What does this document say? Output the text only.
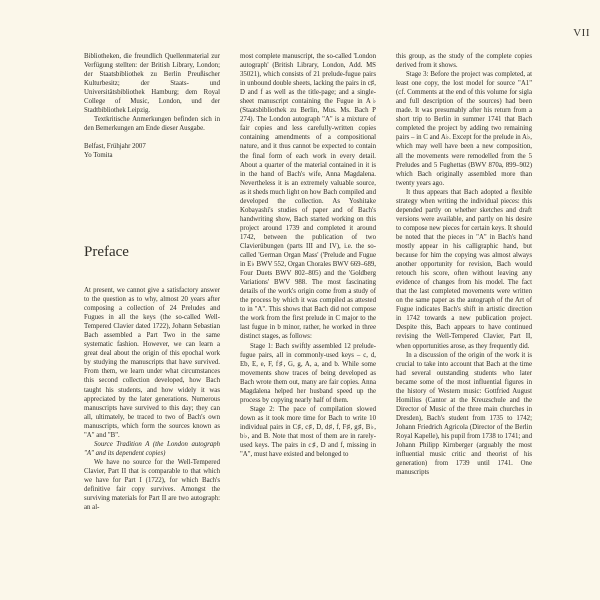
VII

Bibliotheken, die freundlich Quellenmaterial zur Verfügung stellten: der British Library, London; der Staatsbibliothek zu Berlin Preußischer Kulturbesitz; der Staats- und Universitätsbibliothek Hamburg; dem Royal College of Music, London, und der Stadtbibliothek Leipzig.

Textkritische Anmerkungen befinden sich in den Bemerkungen am Ende dieser Ausgabe.

Belfast, Frühjahr 2007

Yo Tomita

Preface

At present, we cannot give a satisfactory answer to the question as to why, almost 20 years after composing a collection of 24 Preludes and Fugues in all the keys (the so-called Well-Tempered Clavier dated 1722), Johann Sebastian Bach assembled a Part Two in the same systematic fashion. However, we can learn a great deal about the origin of this epochal work by studying the manuscripts that have survived. From them, we learn under what circumstances this second collection developed, how Bach taught his students, and how widely it was appreciated by the later generations. Numerous manuscripts have survived to this day; they can all, ultimately, be traced to two of Bach's own manuscripts, which form the sources known as "A" and "B".

Source Tradition A (the London autograph "A" and its dependent copies)

We have no source for the Well-Tempered Clavier, Part II that is comparable to that which we have for Part I (1722), for which Bach's definitive fair copy survives. Amongst the surviving materials for Part II are two autograph: an al-

most complete manuscript, the so-called 'London autograph' (British Library, London, Add. MS 35021), which consists of 21 prelude-fugue pairs in unbound double sheets, lacking the pairs in c♯, D and f as well as the title-page; and a single-sheet manuscript containing the Fugue in A♭ (Staatsbibliothek zu Berlin, Mus. Ms. Bach P 274). The London autograph "A" is a mixture of fair copies and less carefully-written copies containing amendments of a compositional nature, and it thus cannot be expected to contain the final form of each work in every detail. About a quarter of the material contained in it is in the hand of Bach's wife, Anna Magdalena. Nevertheless it is an extremely valuable source, as it sheds much light on how Bach compiled and developed the collection. As Yoshitake Kobayashi's studies of paper and of Bach's handwriting show, Bach started working on this project around 1739 and completed it around 1742, between the publication of two Clavierübungen (parts III and IV), i.e. the so-called 'German Organ Mass' ('Prelude and Fugue in E♭ BWV 552, Organ Chorales BWV 669–689, Four Duets BWV 802–805) and the 'Goldberg Variations' BWV 988. The most fascinating details of the work's origin come from a study of the process by which it was compiled as attested to in "A". This shows that Bach did not compose the work from the first prelude in C major to the last fugue in b minor, rather, he worked in three distinct stages, as follows:

Stage 1: Bach swiftly assembled 12 prelude-fugue pairs, all in commonly-used keys – c, d, Eb, E, e, F, f♯, G, g, A, a, and b. While some movements show traces of being developed as Bach wrote them out, many are fair copies. Anna Magdalena helped her husband speed up the process by copying nearly half of them.

Stage 2: The pace of compilation slowed down as it took more time for Bach to write 10 individual pairs in C♯, c♯, D, d♯, f, F♯, g♯, B♭, b♭, and B. Note that most of them are in rarely-used keys. The pairs in c♯, D and f, missing in "A", must have existed and belonged to

this group, as the study of the complete copies derived from it shows.

Stage 3: Before the project was completed, at least one copy, the lost model for source "A1" (cf. Comments at the end of this volume for sigla and full description of the sources) had been made. It was presumably after his return from a short trip to Berlin in summer 1741 that Bach completed the project by adding two remaining pairs – in C and A♭. Except for the prelude in A♭, which may well have been a new composition, all the movements were remodelled from the 5 Preludes and 5 Fughettas (BWV 870a, 899–902) which Bach originally assembled more than twenty years ago.

It thus appears that Bach adopted a flexible strategy when writing the individual pieces: this depended partly on whether sketches and draft versions were available, and partly on his desire to compose new pieces for certain keys. It should be noted that the pieces in "A" in Bach's hand mostly appear in his calligraphic hand, but because for him the copying was almost always another opportunity for revision, Bach would retouch his score, often without leaving any evidence of changes from his model. The fact that the last completed movements were written on the same paper as the autograph of the Art of Fugue indicates Bach's shift in artistic direction in 1742 towards a new publication project. Despite this, Bach appears to have continued revising the Well-Tempered Clavier, Part II, when opportunities arose, as they frequently did.

In a discussion of the origin of the work it is crucial to take into account that Bach at the time had several outstanding students who later became some of the most influential figures in the history of Western music: Gottfried August Homilius (Cantor at the Kreuzschule and the Director of Music of the three main churches in Dresden), Bach's student from 1735 to 1742; Johann Friedrich Agricola (Director of the Berlin Royal Kapelle), his pupil from 1738 to 1741; and Johann Philipp Kirnberger (arguably the most influential music critic and theorist of his generation) from 1739 until 1741. One manuscripts
